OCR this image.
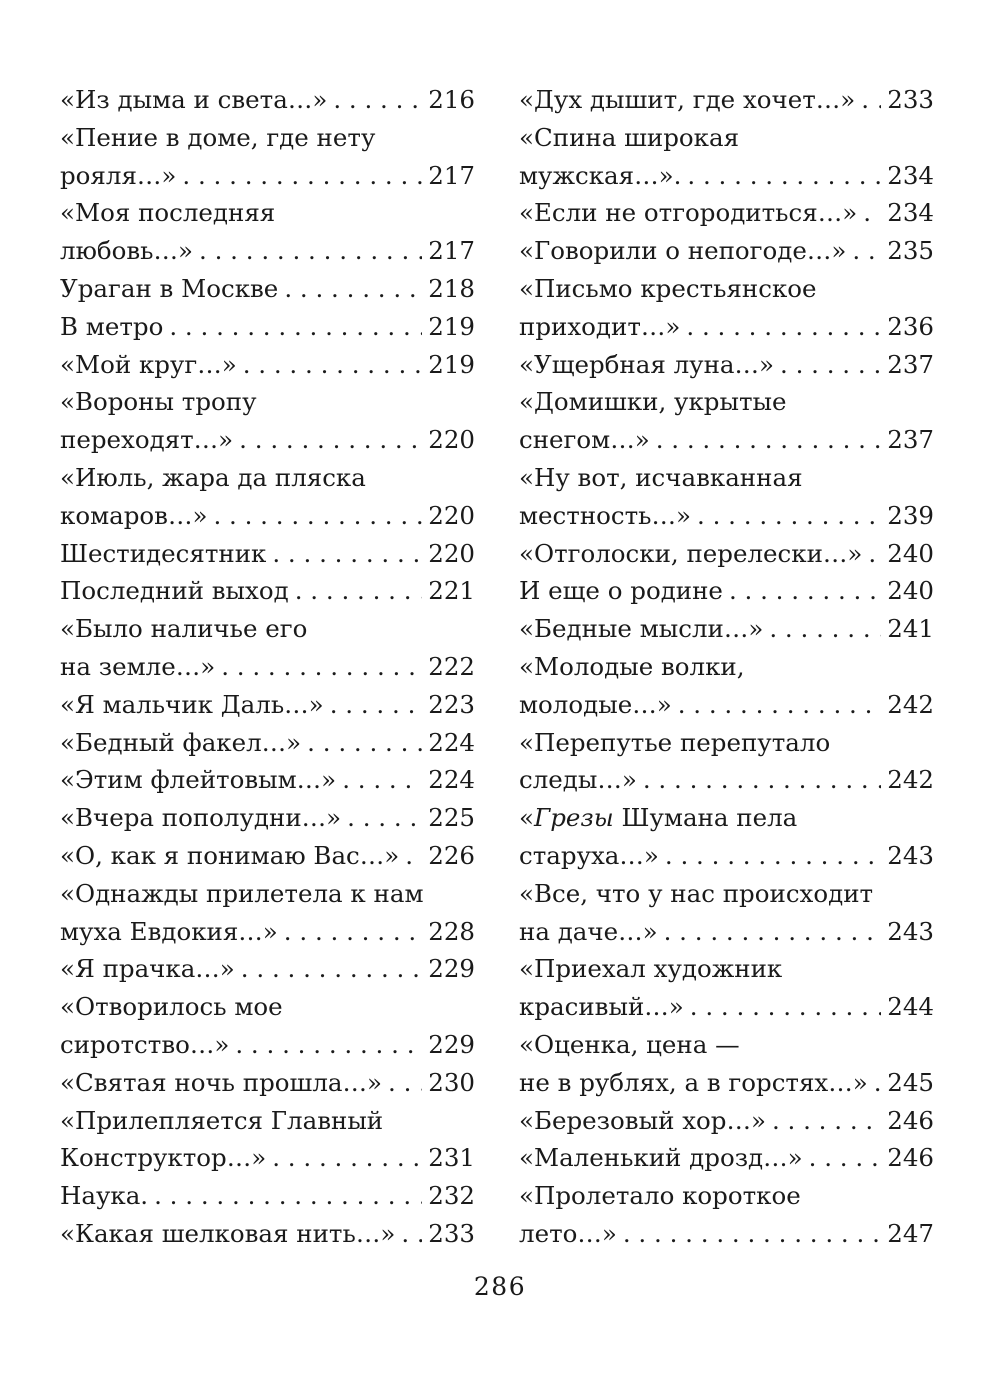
«Из дыма и света…» . . .	216
«Пение в доме, где нету
рояля…» . . .	217
«Моя последняя
любовь…» . . .	217
Ураган в Москве . . .	218
В метро . . .	219
«Мой круг…» . . .	219
«Вороны тропу
переходят…» . . .	220
«Июль, жара да пляска
комаров…» . . .	220
Шестидесятник . . .	220
Последний выход . . .	221
«Было наличье его
на земле…» . . .	222
«Я мальчик Даль…» . . .	223
«Бедный факел…» . . .	224
«Этим флейтовым…» . . .	224
«Вчера пополудни…» . . .	225
«О, как я понимаю Вас…» . . . 226
«Однажды прилетела к нам
муха Евдокия…» . . .	228
«Я прачка…» . . .	229
«Отворилось мое
сиротство…» . . .	229
«Святая ночь прошла…» . . . 230
«Прилепляется Главный
Конструктор…» . . .	231
Наука. . . .	232
«Какая шелковая нить…» . . . 233
«Дух дышит, где хочет…» . . . 233
«Спина широкая
мужская…». . . .	234
«Если не отгородиться…» . . . 234
«Говорили о непогоде…» . . . 235
«Письмо крестьянское
приходит…» . . .	236
«Ущербная луна…» . . .	237
«Домишки, укрытые
снегом…» . . .	237
«Ну вот, исчавканная
местность…» . . .	239
«Отголоски, перелески…» . . . 240
И еще о родине . . .	240
«Бедные мысли…» . . .	241
«Молодые волки,
молодые…» . . .	242
«Перепутье перепутало
следы…» . . .	242
«Грезы Шумана пела
старуха…» . . .	243
«Все, что у нас происходит
на даче…» . . .	243
«Приехал художник
красивый…» . . .	244
«Оценка, цена —
не в рублях, а в горстях…» . . . 245
«Березовый хор…» . . .	246
«Маленький дрозд…» . . .	246
«Пролетало короткое
лето…» . . .	247
286
